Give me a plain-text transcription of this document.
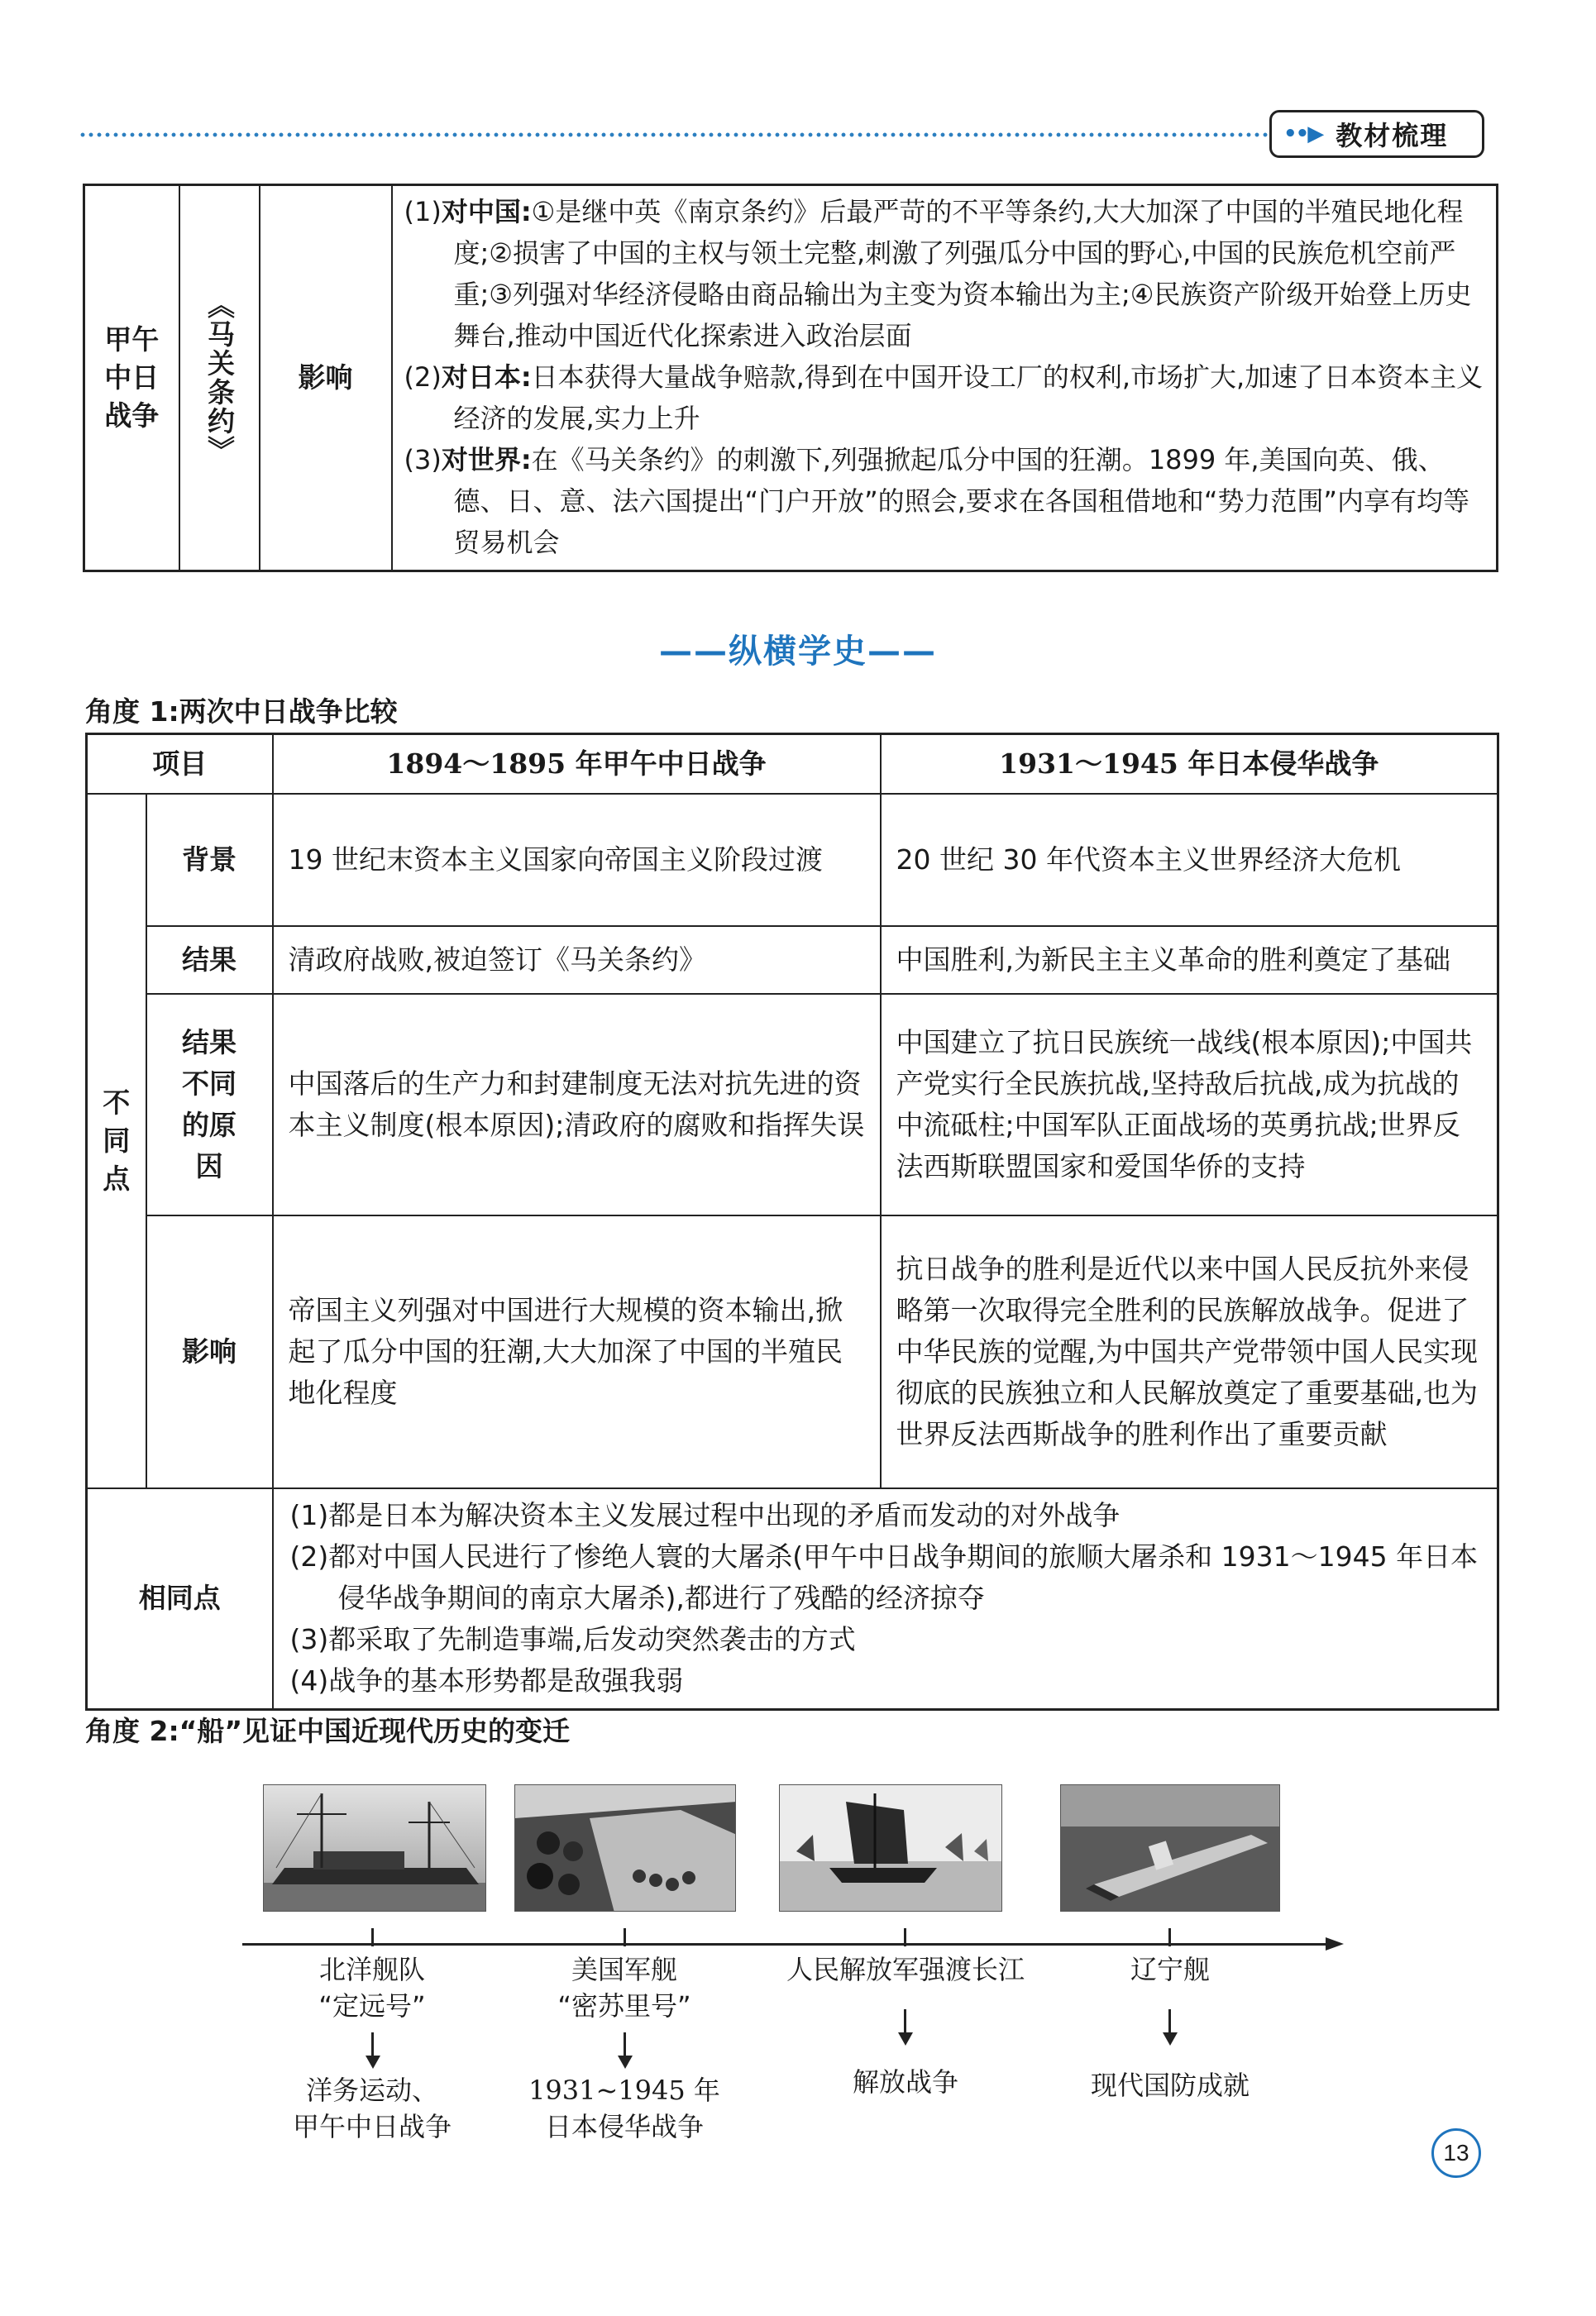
••▶ 教材梳理
甲午中日战争	《马关条约》	影响	
(1)对中国:①是继中英《南京条约》后最严苛的不平等条约,大大加深了中国的半殖民地化程度;②损害了中国的主权与领土完整,刺激了列强瓜分中国的野心,中国的民族危机空前严重;③列强对华经济侵略由商品输出为主变为资本输出为主;④民族资产阶级开始登上历史舞台,推动中国近代化探索进入政治层面
(2)对日本:日本获得大量战争赔款,得到在中国开设工厂的权利,市场扩大,加速了日本资本主义经济的发展,实力上升
(3)对世界:在《马关条约》的刺激下,列强掀起瓜分中国的狂潮。1899 年,美国向英、俄、德、日、意、法六国提出“门户开放”的照会,要求在各国租借地和“势力范围”内享有均等贸易机会
——纵横学史——
角度 1:两次中日战争比较
项目		1894～1895 年甲午中日战争	1931～1945 年日本侵华战争

不同点	背景	19 世纪末资本主义国家向帝国主义阶段过渡	20 世纪 30 年代资本主义世界经济大危机
	结果	清政府战败,被迫签订《马关条约》	中国胜利,为新民主主义革命的胜利奠定了基础

	结果不同的原因	中国落后的生产力和封建制度无法对抗先进的资本主义制度(根本原因);清政府的腐败和指挥失误	中国建立了抗日民族统一战线(根本原因);中国共产党实行全民族抗战,坚持敌后抗战,成为抗战的中流砥柱;中国军队正面战场的英勇抗战;世界反法西斯联盟国家和爱国华侨的支持
	影响	帝国主义列强对中国进行大规模的资本输出,掀起了瓜分中国的狂潮,大大加深了中国的半殖民地化程度	抗日战争的胜利是近代以来中国人民反抗外来侵略第一次取得完全胜利的民族解放战争。促进了中华民族的觉醒,为中国共产党带领中国人民实现彻底的民族独立和人民解放奠定了重要基础,也为世界反法西斯战争的胜利作出了重要贡献
相同点		(1)都是日本为解决资本主义发展过程中出现的矛盾而发动的对外战争
(2)都对中国人民进行了惨绝人寰的大屠杀(甲午中日战争期间的旅顺大屠杀和 1931～1945 年日本侵华战争期间的南京大屠杀),都进行了残酷的经济掠夺
(3)都采取了先制造事端,后发动突然袭击的方式
(4)战争的基本形势都是敌强我弱	
角度 2:“船”见证中国近现代历史的变迁
北洋舰队
“定远号”
美国军舰
“密苏里号”
人民解放军强渡长江	辽宁舰
洋务运动、
甲午中日战争
1931~1945 年
日本侵华战争
解放战争	现代国防成就
13
